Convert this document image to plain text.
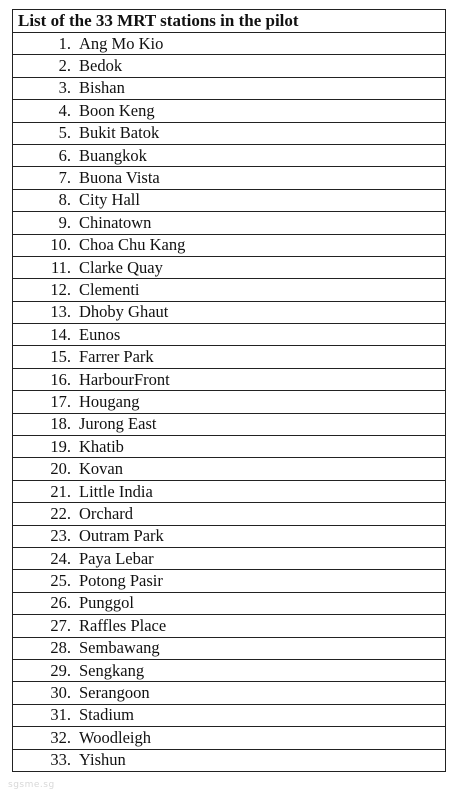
List of the 33 MRT stations in the pilot

1. Ang Mo Kio

2. Bedok

3. Bishan

4. Boon Keng

5. Bukit Batok

6. Buangkok

7. Buona Vista

8. City Hall

9. Chinatown

10. Choa Chu Kang

11. Clarke Quay

12. Clementi

13. Dhoby Ghaut

14. Eunos

15. Farrer Park

16. HarbourFront

17. Hougang

18. Jurong East

19. Khatib

20. Kovan

21. Little India

22. Orchard

23. Outram Park

24. Paya Lebar

25. Potong Pasir

26. Punggol

27. Raffles Place

28. Sembawang

29. Sengkang

30. Serangoon

31. Stadium

32. Woodleigh

33. Yishun
sgsme.sg
